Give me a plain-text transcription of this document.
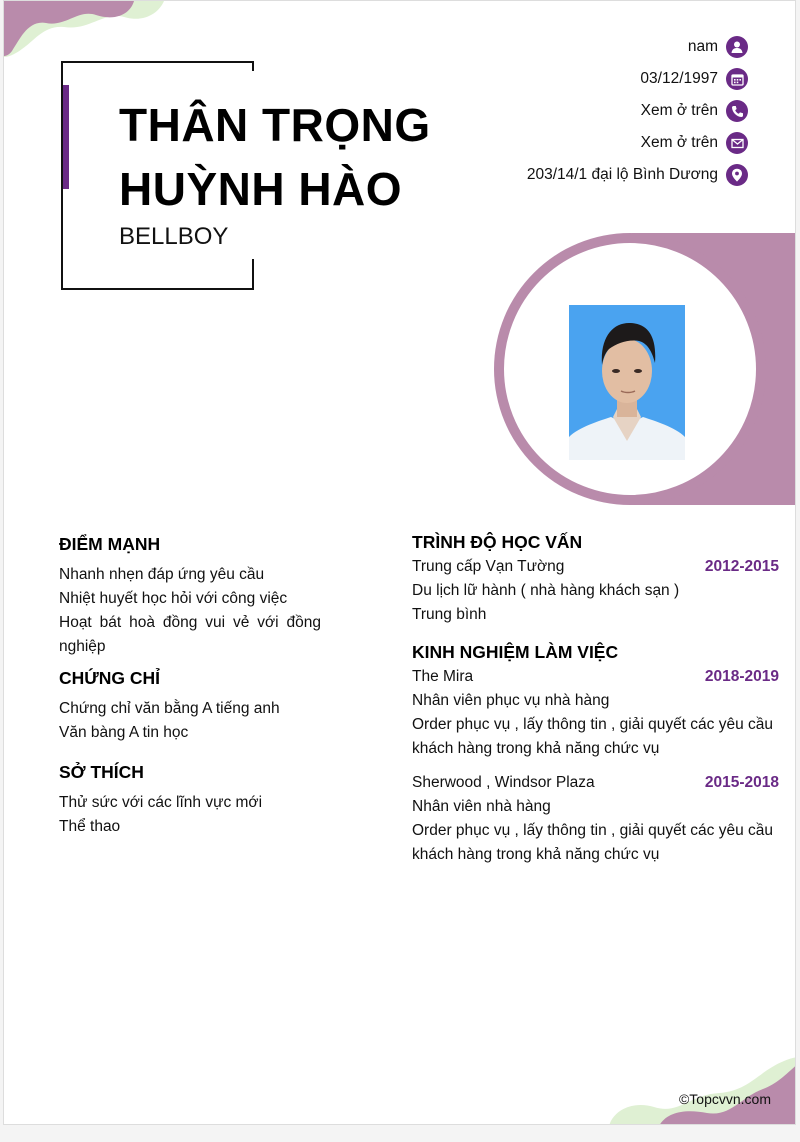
THÂN TRỌNG HUỲNH HÀO
BELLBOY
nam
03/12/1997
Xem ở trên
Xem ở trên
203/14/1 đại lộ Bình Dương
ĐIỂM MẠNH
Nhanh nhẹn đáp ứng yêu cầu
Nhiệt huyết học hỏi với công việc
Hoạt bát hoà đồng vui vẻ với đồng nghiệp
CHỨNG CHỈ
Chứng chỉ văn bằng A tiếng anh
Văn bàng A tin học
SỞ THÍCH
Thử sức với các lĩnh vực mới
Thể thao
TRÌNH ĐỘ HỌC VẤN
Trung cấp Vạn Tường	2012-2015
Du lịch lữ hành ( nhà hàng khách sạn )
Trung bình
KINH NGHIỆM LÀM VIỆC
The Mira	2018-2019
Nhân viên phục vụ nhà hàng
Order phục vụ , lấy thông tin , giải quyết các yêu cầu khách hàng trong khả năng chức vụ
Sherwood , Windsor Plaza	2015-2018
Nhân viên nhà hàng
Order phục vụ , lấy thông tin , giải quyết các yêu cầu khách hàng trong khả năng chức vụ
©Topcvvn.com
